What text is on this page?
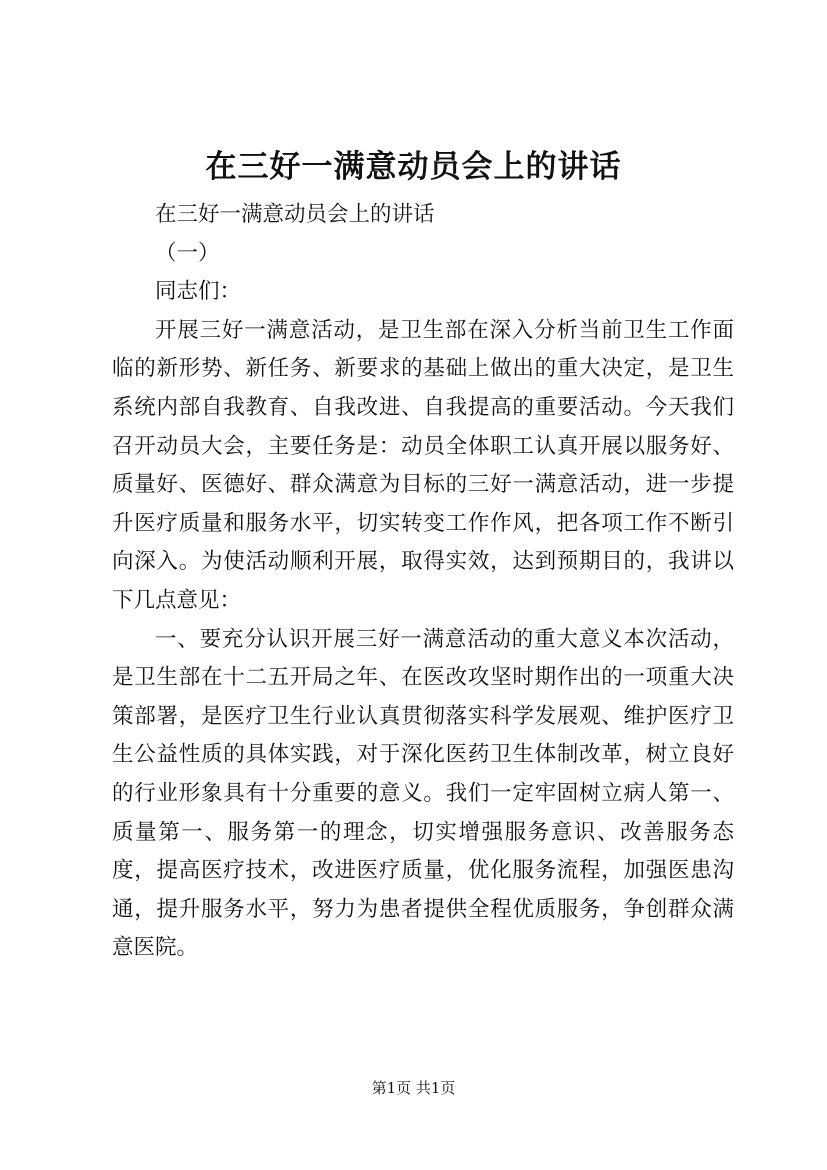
在三好一满意动员会上的讲话

在三好一满意动员会上的讲话

（一）

同志们：

开展三好一满意活动，是卫生部在深入分析当前卫生工作面临的新形势、新任务、新要求的基础上做出的重大决定，是卫生系统内部自我教育、自我改进、自我提高的重要活动。今天我们召开动员大会，主要任务是：动员全体职工认真开展以服务好、质量好、医德好、群众满意为目标的三好一满意活动，进一步提升医疗质量和服务水平，切实转变工作作风，把各项工作不断引向深入。为使活动顺利开展，取得实效，达到预期目的，我讲以下几点意见：

一、要充分认识开展三好一满意活动的重大意义本次活动，是卫生部在十二五开局之年、在医改攻坚时期作出的一项重大决策部署，是医疗卫生行业认真贯彻落实科学发展观、维护医疗卫生公益性质的具体实践，对于深化医药卫生体制改革，树立良好的行业形象具有十分重要的意义。我们一定牢固树立病人第一、质量第一、服务第一的理念，切实增强服务意识、改善服务态度，提高医疗技术，改进医疗质量，优化服务流程，加强医患沟通，提升服务水平，努力为患者提供全程优质服务，争创群众满意医院。

第1页 共1页
